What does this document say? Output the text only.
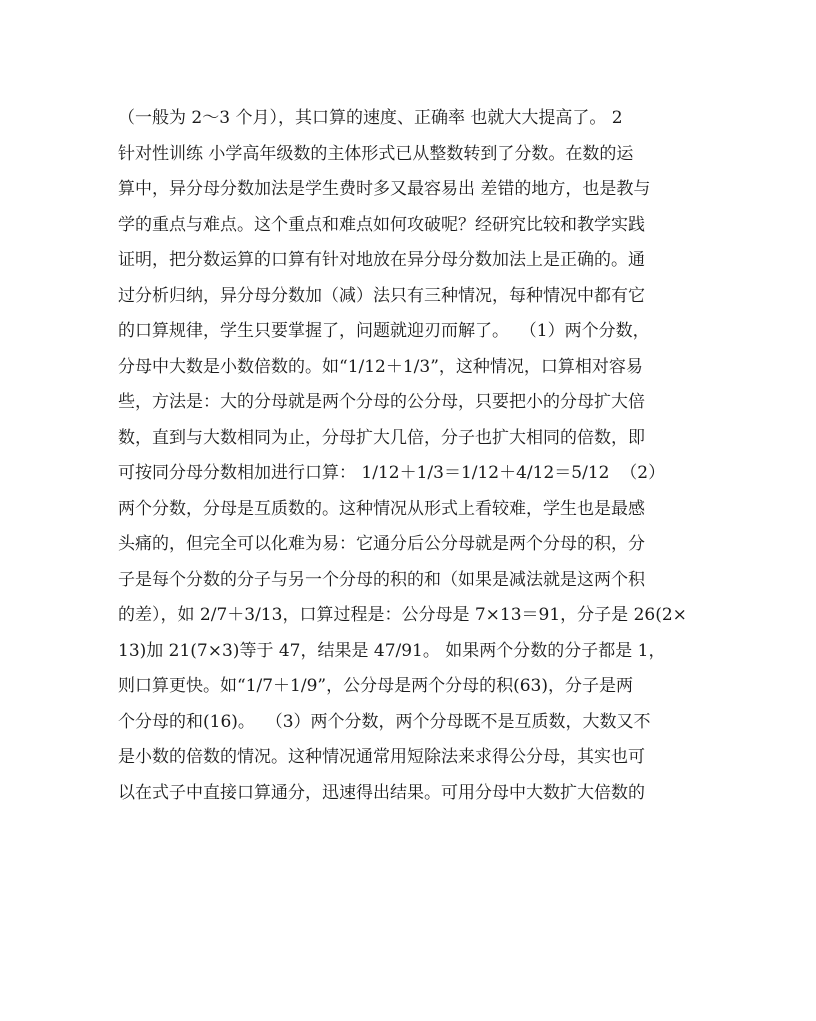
（一般为 2～3 个月），其口算的速度、正确率 也就大大提高了。 2
针对性训练 小学高年级数的主体形式已从整数转到了分数。在数的运
算中，异分母分数加法是学生费时多又最容易出 差错的地方，也是教与
学的重点与难点。这个重点和难点如何攻破呢？经研究比较和教学实践
证明，把分数运算的口算有针对地放在异分母分数加法上是正确的。通
过分析归纳，异分母分数加（减）法只有三种情况，每种情况中都有它
的口算规律，学生只要掌握了，问题就迎刃而解了。  （1）两个分数，
分母中大数是小数倍数的。如“1/12＋1/3”，这种情况，口算相对容易
些，方法是：大的分母就是两个分母的公分母，只要把小的分母扩大倍
数，直到与大数相同为止，分母扩大几倍，分子也扩大相同的倍数，即
可按同分母分数相加进行口算： 1/12＋1/3＝1/12＋4/12＝5/12  （2）
两个分数，分母是互质数的。这种情况从形式上看较难，学生也是最感
头痛的，但完全可以化难为易：它通分后公分母就是两个分母的积，分
子是每个分数的分子与另一个分母的积的和（如果是减法就是这两个积
的差），如 2/7＋3/13，口算过程是：公分母是 7×13＝91，分子是 26(2×
13)加 21(7×3)等于 47，结果是 47/91。 如果两个分数的分子都是 1，
则口算更快。如“1/7＋1/9”，公分母是两个分母的积(63)，分子是两
个分母的和(16)。  （3）两个分数，两个分母既不是互质数，大数又不
是小数的倍数的情况。这种情况通常用短除法来求得公分母，其实也可
以在式子中直接口算通分，迅速得出结果。可用分母中大数扩大倍数的
